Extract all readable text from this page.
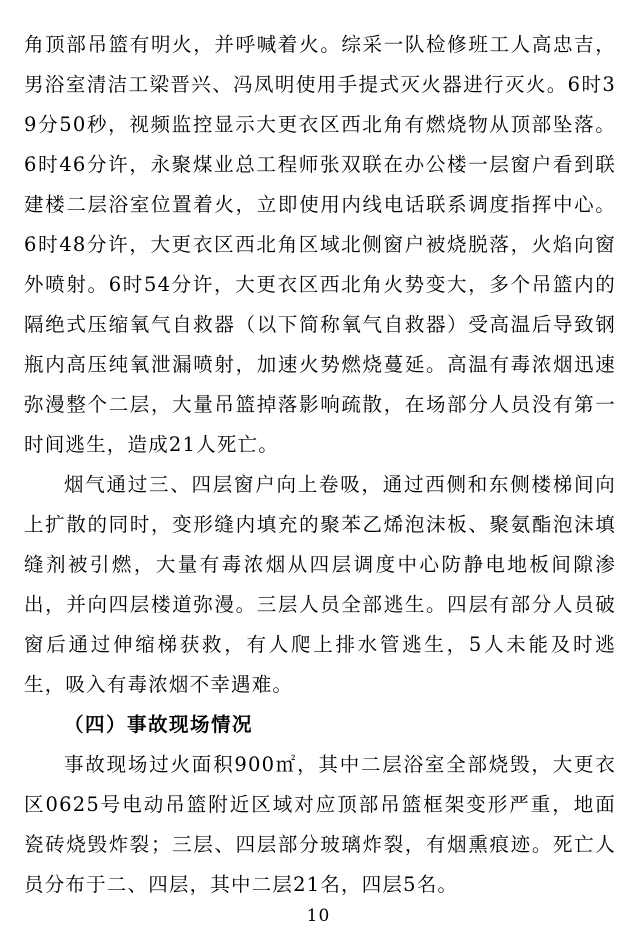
角顶部吊篮有明火，并呼喊着火。综采一队检修班工人高忠吉，男浴室清洁工梁晋兴、冯凤明使用手提式灭火器进行灭火。6时39分50秒，视频监控显示大更衣区西北角有燃烧物从顶部坠落。6时46分许，永聚煤业总工程师张双联在办公楼一层窗户看到联建楼二层浴室位置着火，立即使用内线电话联系调度指挥中心。6时48分许，大更衣区西北角区域北侧窗户被烧脱落，火焰向窗外喷射。6时54分许，大更衣区西北角火势变大，多个吊篮内的隔绝式压缩氧气自救器（以下简称氧气自救器）受高温后导致钢瓶内高压纯氧泄漏喷射，加速火势燃烧蔓延。高温有毒浓烟迅速弥漫整个二层，大量吊篮掉落影响疏散，在场部分人员没有第一时间逃生，造成21人死亡。

烟气通过三、四层窗户向上卷吸，通过西侧和东侧楼梯间向上扩散的同时，变形缝内填充的聚苯乙烯泡沫板、聚氨酯泡沫填缝剂被引燃，大量有毒浓烟从四层调度中心防静电地板间隙渗出，并向四层楼道弥漫。三层人员全部逃生。四层有部分人员破窗后通过伸缩梯获救，有人爬上排水管逃生，5人未能及时逃生，吸入有毒浓烟不幸遇难。

（四）事故现场情况

事故现场过火面积900㎡，其中二层浴室全部烧毁，大更衣区0625号电动吊篮附近区域对应顶部吊篮框架变形严重，地面瓷砖烧毁炸裂；三层、四层部分玻璃炸裂，有烟熏痕迹。死亡人员分布于二、四层，其中二层21名，四层5名。

10
